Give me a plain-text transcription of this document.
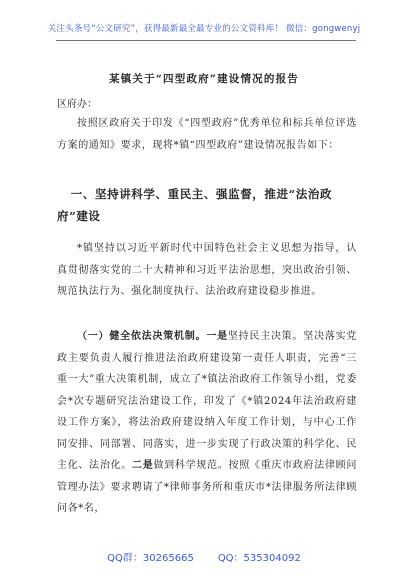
关注头条号“公文研究”，获得最新最全最专业的公文资料库！ 微信：gongwenyj
某镇关于“四型政府”建设情况的报告
区府办：
按照区政府关于印发《“四型政府”优秀单位和标兵单位评选方案的通知》要求，现将*镇“四型政府”建设情况报告如下：
一、坚持讲科学、重民主、强监督，推进“法治政府”建设
*镇坚持以习近平新时代中国特色社会主义思想为指导，认真贯彻落实党的二十大精神和习近平法治思想，突出政治引领、规范执法行为、强化制度执行、法治政府建设稳步推进。
（一）健全依法决策机制。一是坚持民主决策。坚决落实党政主要负责人履行推进法治政府建设第一责任人职责，完善“三重一大”重大决策机制，成立了*镇法治政府工作领导小组，党委会*次专题研究法治建设工作，印发了《*镇2024年法治政府建设工作方案》，将法治政府建设纳入年度工作计划，与中心工作同安排、同部署、同落实，进一步实现了行政决策的科学化、民主化、法治化。二是做到科学规范。按照《重庆市政府法律顾问管理办法》要求聘请了*律师事务所和重庆市*法律服务所法律顾问各*名，
QQ群：30265665 QQ：535304092
